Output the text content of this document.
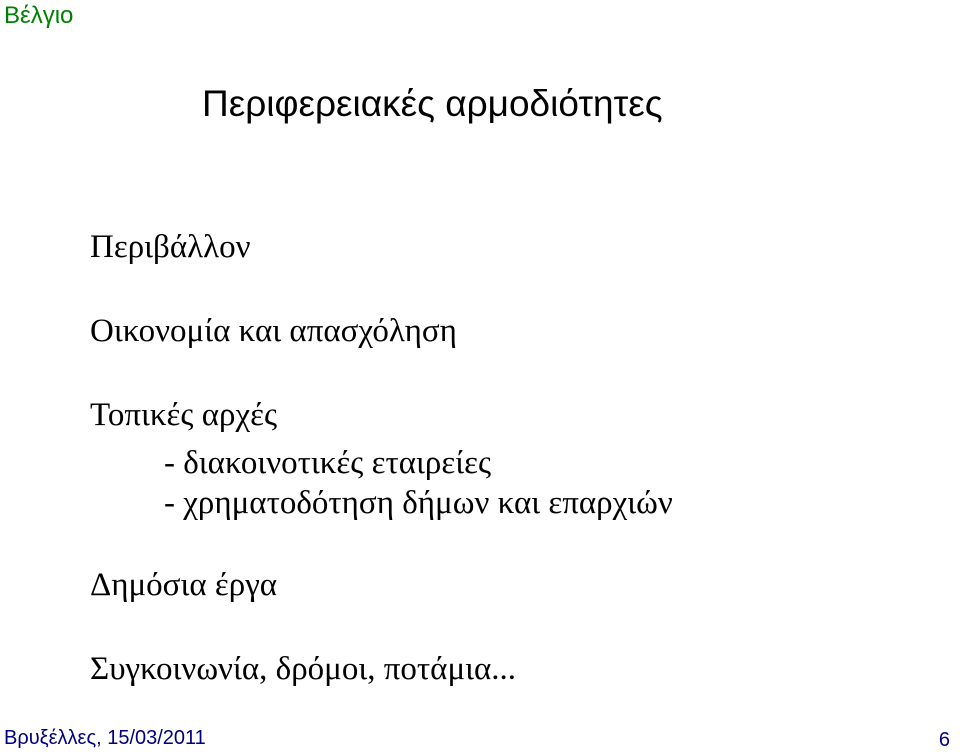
Βέλγιο
Περιφερειακές αρμοδιότητες
Περιβάλλον
Οικονομία και απασχόληση
Τοπικές αρχές
- διακοινοτικές εταιρείες
- χρηματοδότηση δήμων και επαρχιών
Δημόσια έργα
Συγκοινωνία, δρόμοι, ποτάμια...
Βρυξέλλες, 15/03/2011	6
